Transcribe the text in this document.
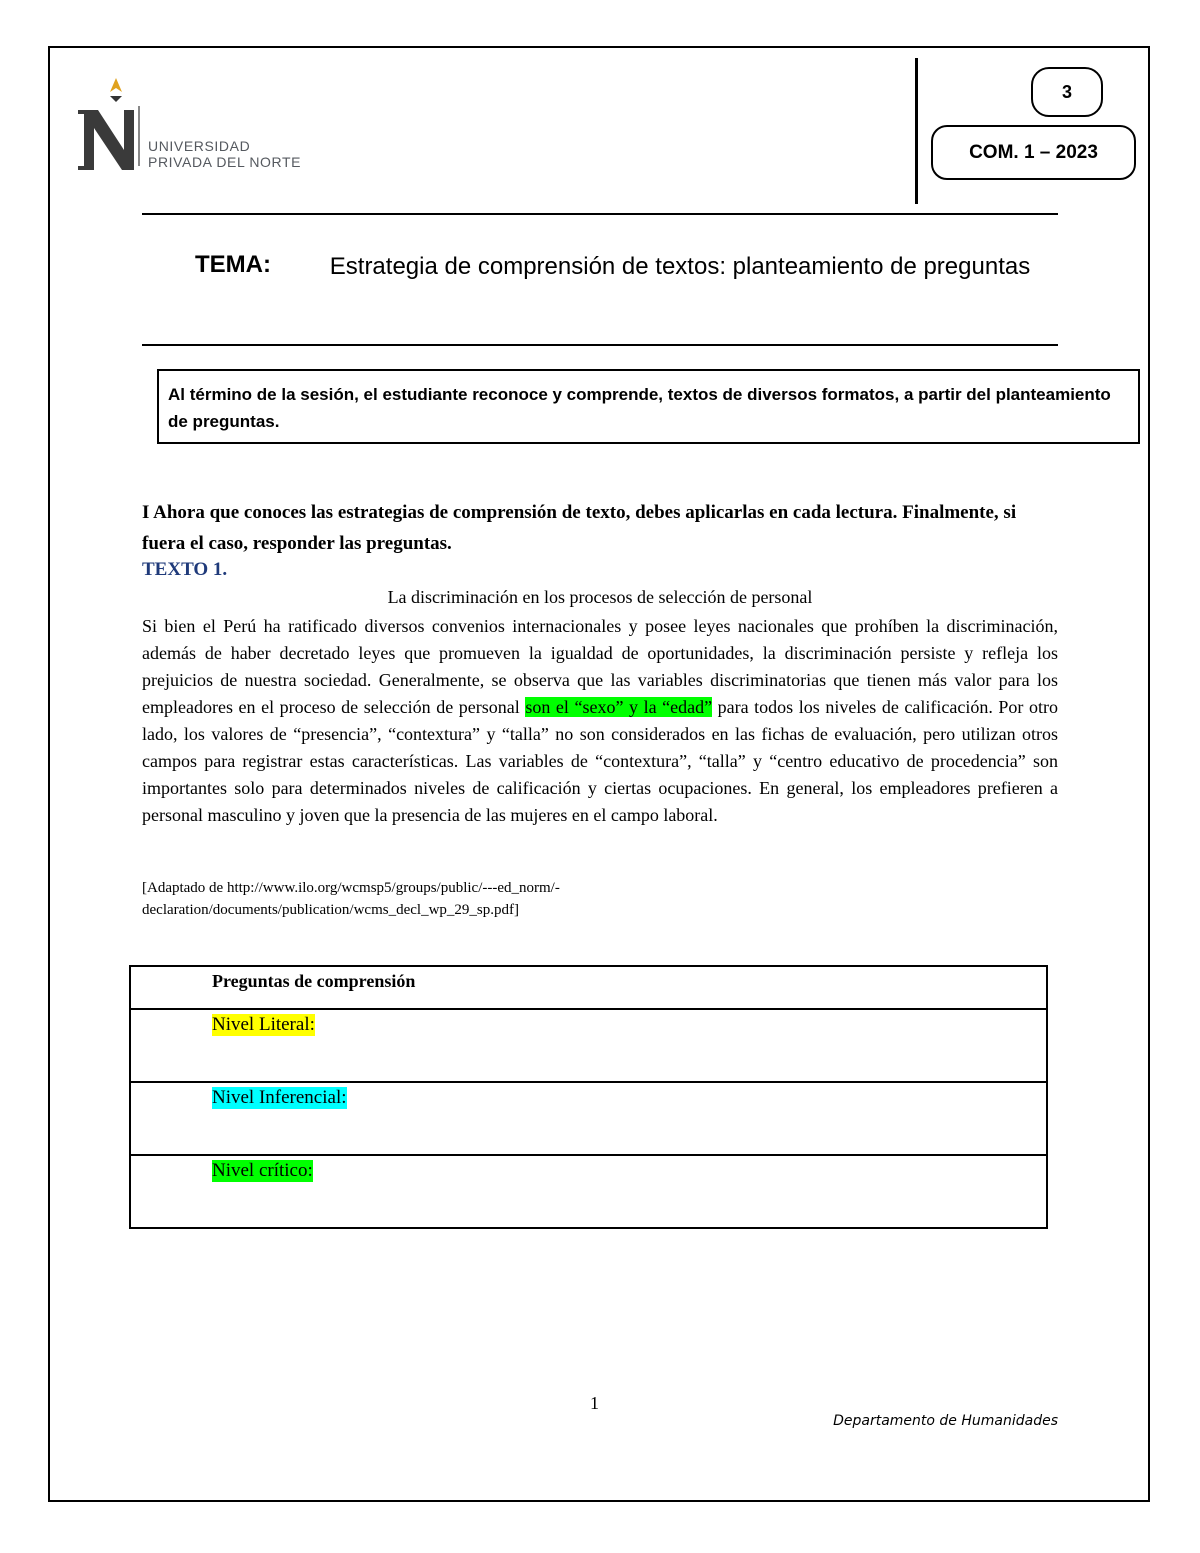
UNIVERSIDAD
PRIVADA DEL NORTE
3
COM. 1 – 2023
TEMA:	Estrategia de comprensión de textos: planteamiento de preguntas
Al término de la sesión, el estudiante reconoce y comprende, textos de diversos formatos, a partir del planteamiento de preguntas.
I Ahora que conoces las estrategias de comprensión de texto, debes aplicarlas en cada lectura. Finalmente, si fuera el caso, responder las preguntas.
TEXTO 1.
La discriminación en los procesos de selección de personal
Si bien el Perú ha ratificado diversos convenios internacionales y posee leyes nacionales que prohíben la discriminación, además de haber decretado leyes que promueven la igualdad de oportunidades, la discriminación persiste y refleja los prejuicios de nuestra sociedad. Generalmente, se observa que las variables discriminatorias que tienen más valor para los empleadores en el proceso de selección de personal son el “sexo” y la “edad” para todos los niveles de calificación. Por otro lado, los valores de “presencia”, “contextura” y “talla” no son considerados en las fichas de evaluación, pero utilizan otros campos para registrar estas características. Las variables de “contextura”, “talla” y “centro educativo de procedencia” son importantes solo para determinados niveles de calificación y ciertas ocupaciones. En general, los empleadores prefieren a personal masculino y joven que la presencia de las mujeres en el campo laboral.
[Adaptado de http://www.ilo.org/wcmsp5/groups/public/---ed_norm/-declaration/documents/publication/wcms_decl_wp_29_sp.pdf]
Preguntas de comprensión
Nivel Literal:
Nivel Inferencial:
Nivel crítico:
1
Departamento de Humanidades
